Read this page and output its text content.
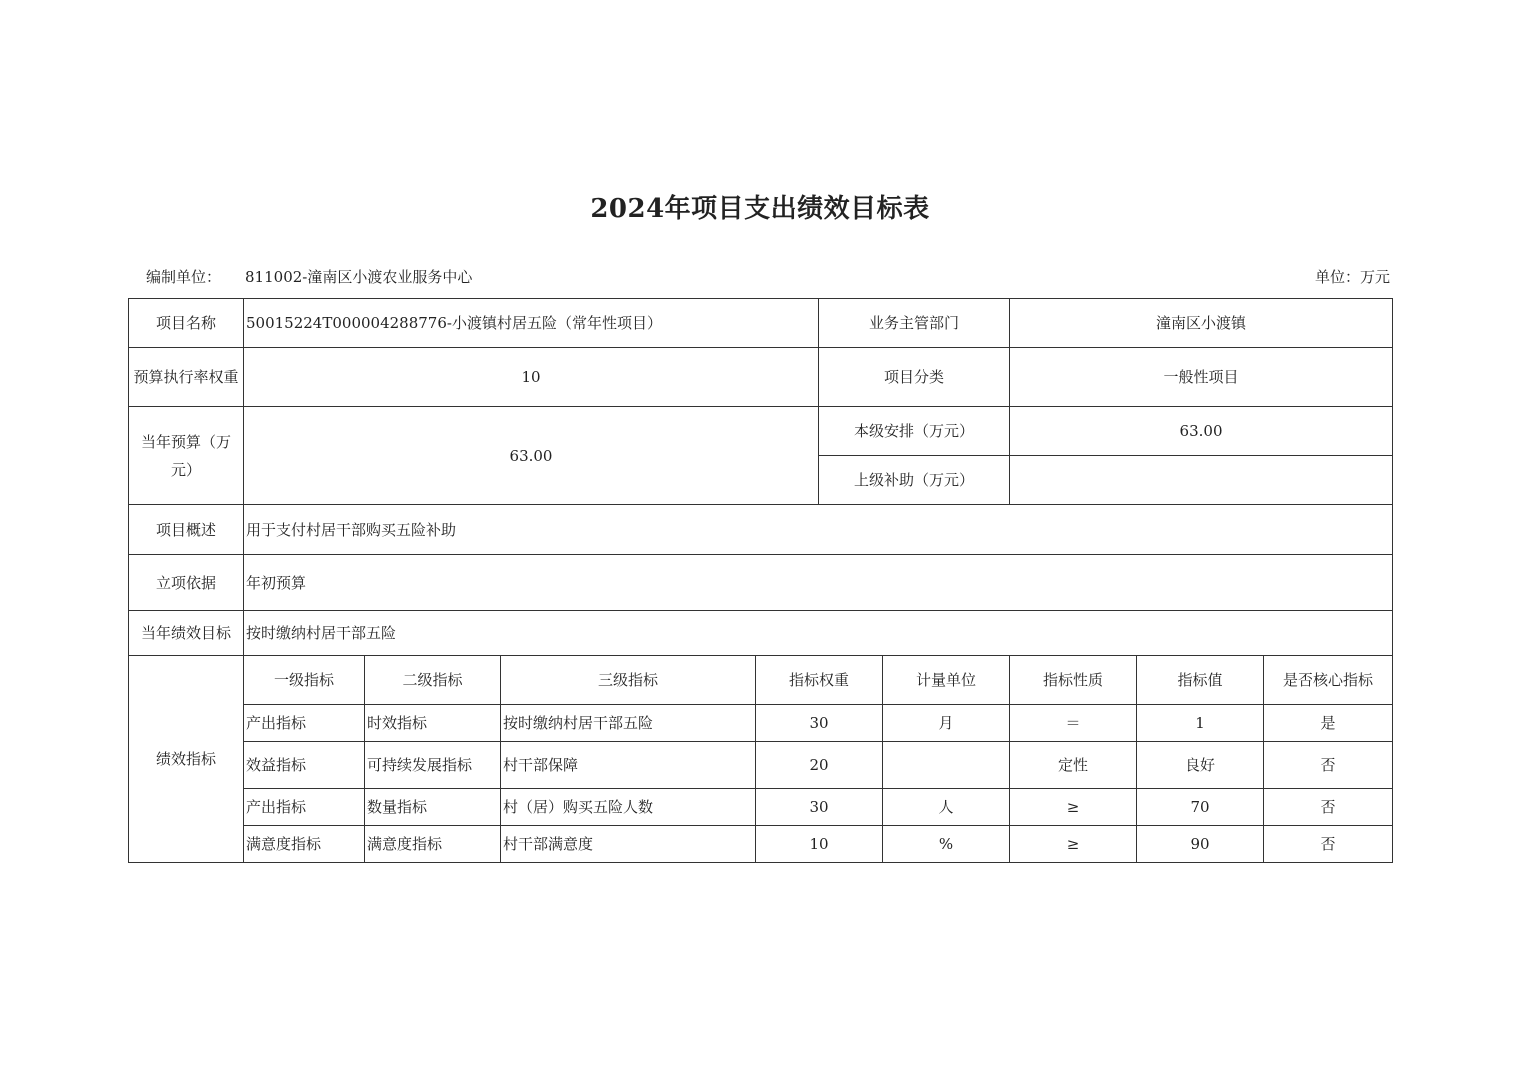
2024年项目支出绩效目标表
编制单位： 811002-潼南区小渡农业服务中心	单位：万元
项目名称	50015224T000004288776-小渡镇村居五险（常年性项目）				业务主管部门		潼南区小渡镇		
预算执行率权重	10				项目分类		一般性项目		
当年预算（万元）	63.00				本级安排（万元）		63.00		
					上级补助（万元）				
项目概述	用于支付村居干部购买五险补助								
立项依据	年初预算								
当年绩效目标	按时缴纳村居干部五险								
绩效指标	一级指标	二级指标	三级指标	指标权重		计量单位	指标性质	指标值	是否核心指标
	产出指标	时效指标	按时缴纳村居干部五险	30		月	＝	1	是
	效益指标	可持续发展指标	村干部保障	20			定性	良好	否
	产出指标	数量指标	村（居）购买五险人数	30		人	≥	70	否
	满意度指标	满意度指标	村干部满意度	10		%	≥	90	否
